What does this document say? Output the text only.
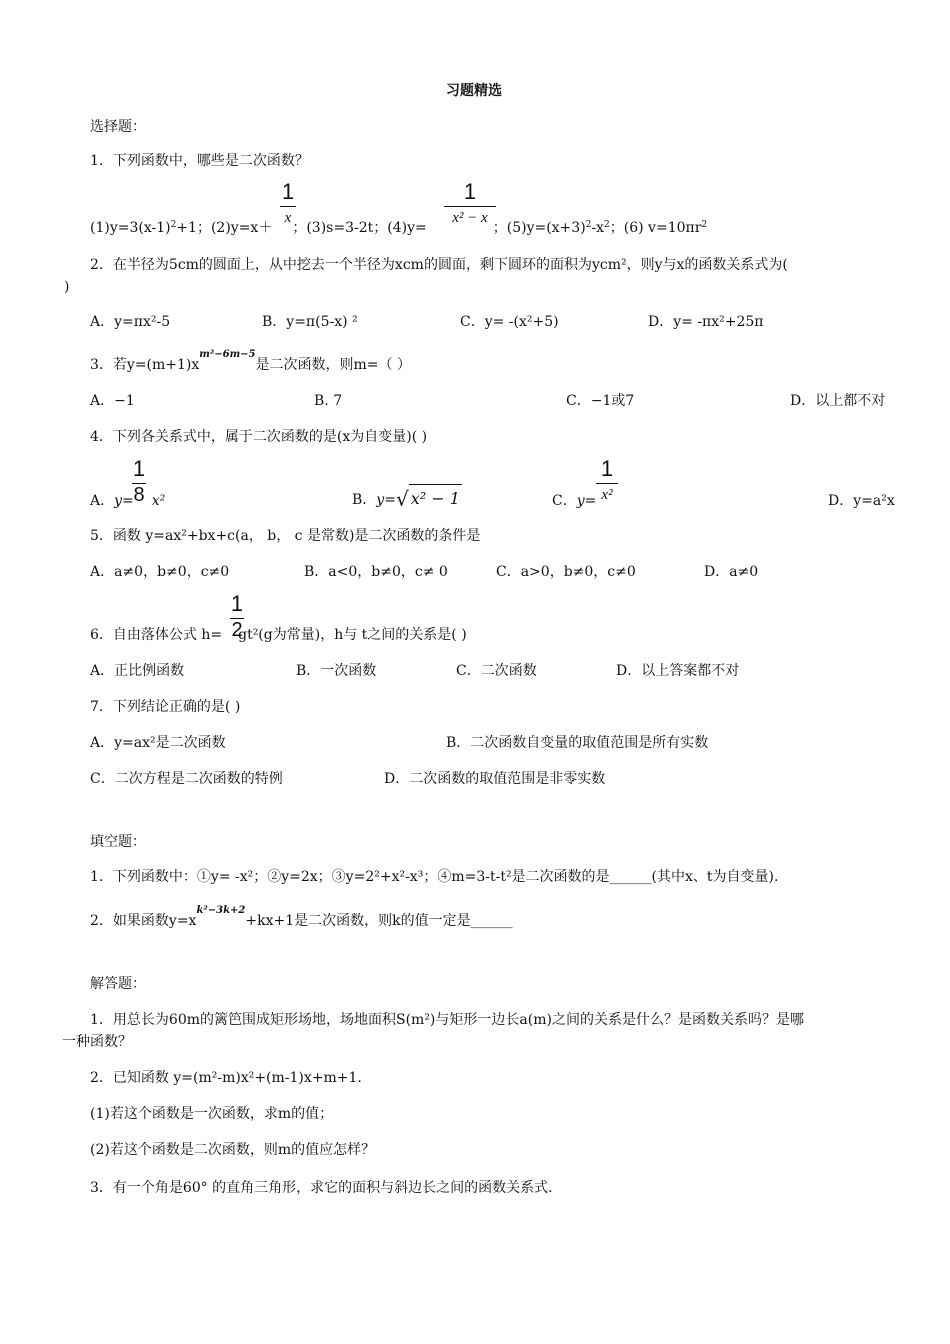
习题精选
选择题：
1．下列函数中，哪些是二次函数？
$(1)y=3(x-1)^2+1$；(2)y=x＋ ；(3)s=3-2t；(4)y=	；$(5)y=(x+3)^2-x^2$；(6) $v=10\pi r^2$
1
x
1
x² − x
2．在半径为5cm的圆面上，从中挖去一个半径为xcm的圆面，剩下圆环的面积为ycm²，则y与x的函数关系式为(
)
A．y=πx²-5	B．y=π(5-x) ²	C．y= -(x²+5)	D．y= -πx²+25π
3．若$y=(m+1)x^{m^2-6m-5}$是二次函数，则m=（ ）
A．−1	B. 7	C．−1或7	D．以上都不对
4．下列各关系式中，属于二次函数的是(x为自变量)( )
A．y= x²
1
8	B．y=√ x² − 1	C．y=
1
x²	D．y=a²x
5．函数 y=ax²+bx+c(a， b， c 是常数)是二次函数的条件是
A．a≠0，b≠0，c≠0	B．a<0，b≠0，c≠ 0	C．a>0，b≠0，c≠0	D．a≠0
6．自由落体公式 h= gt²(g为常量)，h与 t之间的关系是( )
1
2
A．正比例函数	B．一次函数	C．二次函数	D．以上答案都不对
7．下列结论正确的是( )
A．y=ax²是二次函数	B．二次函数自变量的取值范围是所有实数
C．二次方程是二次函数的特例	D．二次函数的取值范围是非零实数
填空题：
1．下列函数中：①y= -x²；②y=2x；③y=2²+x²-x³；④m=3-t-t²是二次函数的是______(其中x、t为自变量).
2．如果函数$y=x^{k^2-3k+2}+kx+1$是二次函数，则k的值一定是______
解答题：
1．用总长为60m的篱笆围成矩形场地，场地面积S(m²)与矩形一边长a(m)之间的关系是什么？是函数关系吗？是哪
一种函数？
2．已知函数 y=(m²-m)x²+(m-1)x+m+1.
(1)若这个函数是一次函数，求m的值；
(2)若这个函数是二次函数，则m的值应怎样？
3．有一个角是60° 的直角三角形，求它的面积与斜边长之间的函数关系式.
